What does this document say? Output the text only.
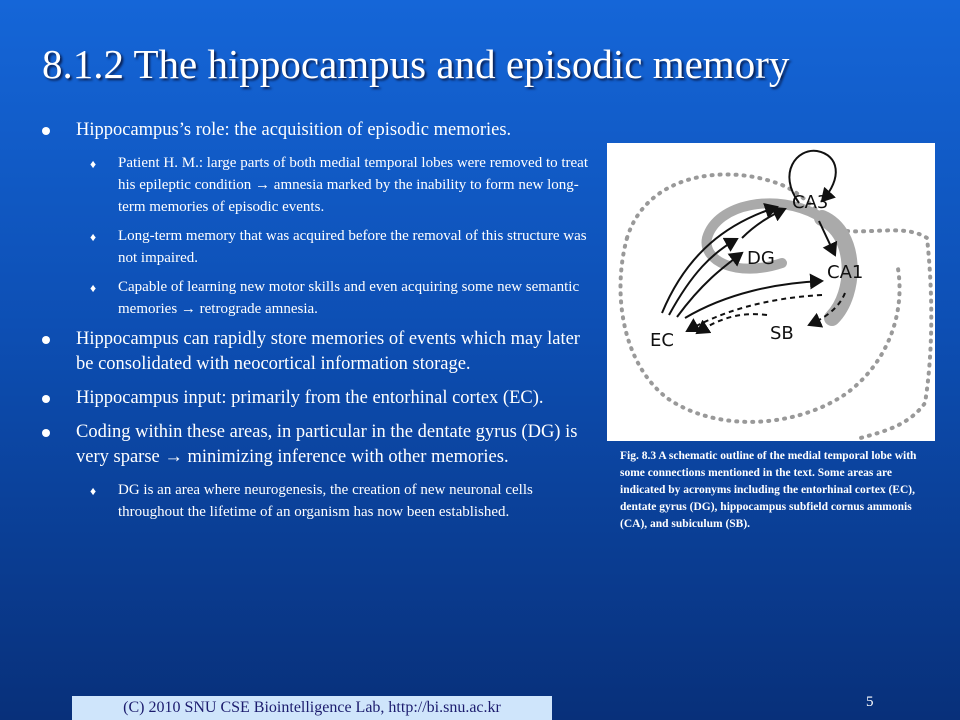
8.1.2 The hippocampus and episodic memory
Hippocampus’s role: the acquisition of episodic memories.
♦ Patient H. M.: large parts of both medial temporal lobes were removed to treat his epileptic condition → amnesia marked by the inability to form new long-term memories of episodic events.
♦ Long-term memory that was acquired before the removal of this structure was not impaired.
♦ Capable of learning new motor skills and even acquiring some new semantic memories → retrograde amnesia.
Hippocampus can rapidly store memories of events which may later be consolidated with neocortical information storage.
Hippocampus input: primarily from the entorhinal cortex (EC).
Coding within these areas, in particular in the dentate gyrus (DG) is very sparse → minimizing inference with other memories.
♦ DG is an area where neurogenesis, the creation of new neuronal cells throughout the lifetime of an organism has now been established.
CA3
DG
CA1
EC	SB
Fig. 8.3 A schematic outline of the medial temporal lobe with some connections mentioned in the text. Some areas are indicated by acronyms including the entorhinal cortex (EC), dentate gyrus (DG), hippocampus subfield cornus ammonis (CA), and subiculum (SB).
(C) 2010 SNU CSE Biointelligence Lab, http://bi.snu.ac.kr	5
